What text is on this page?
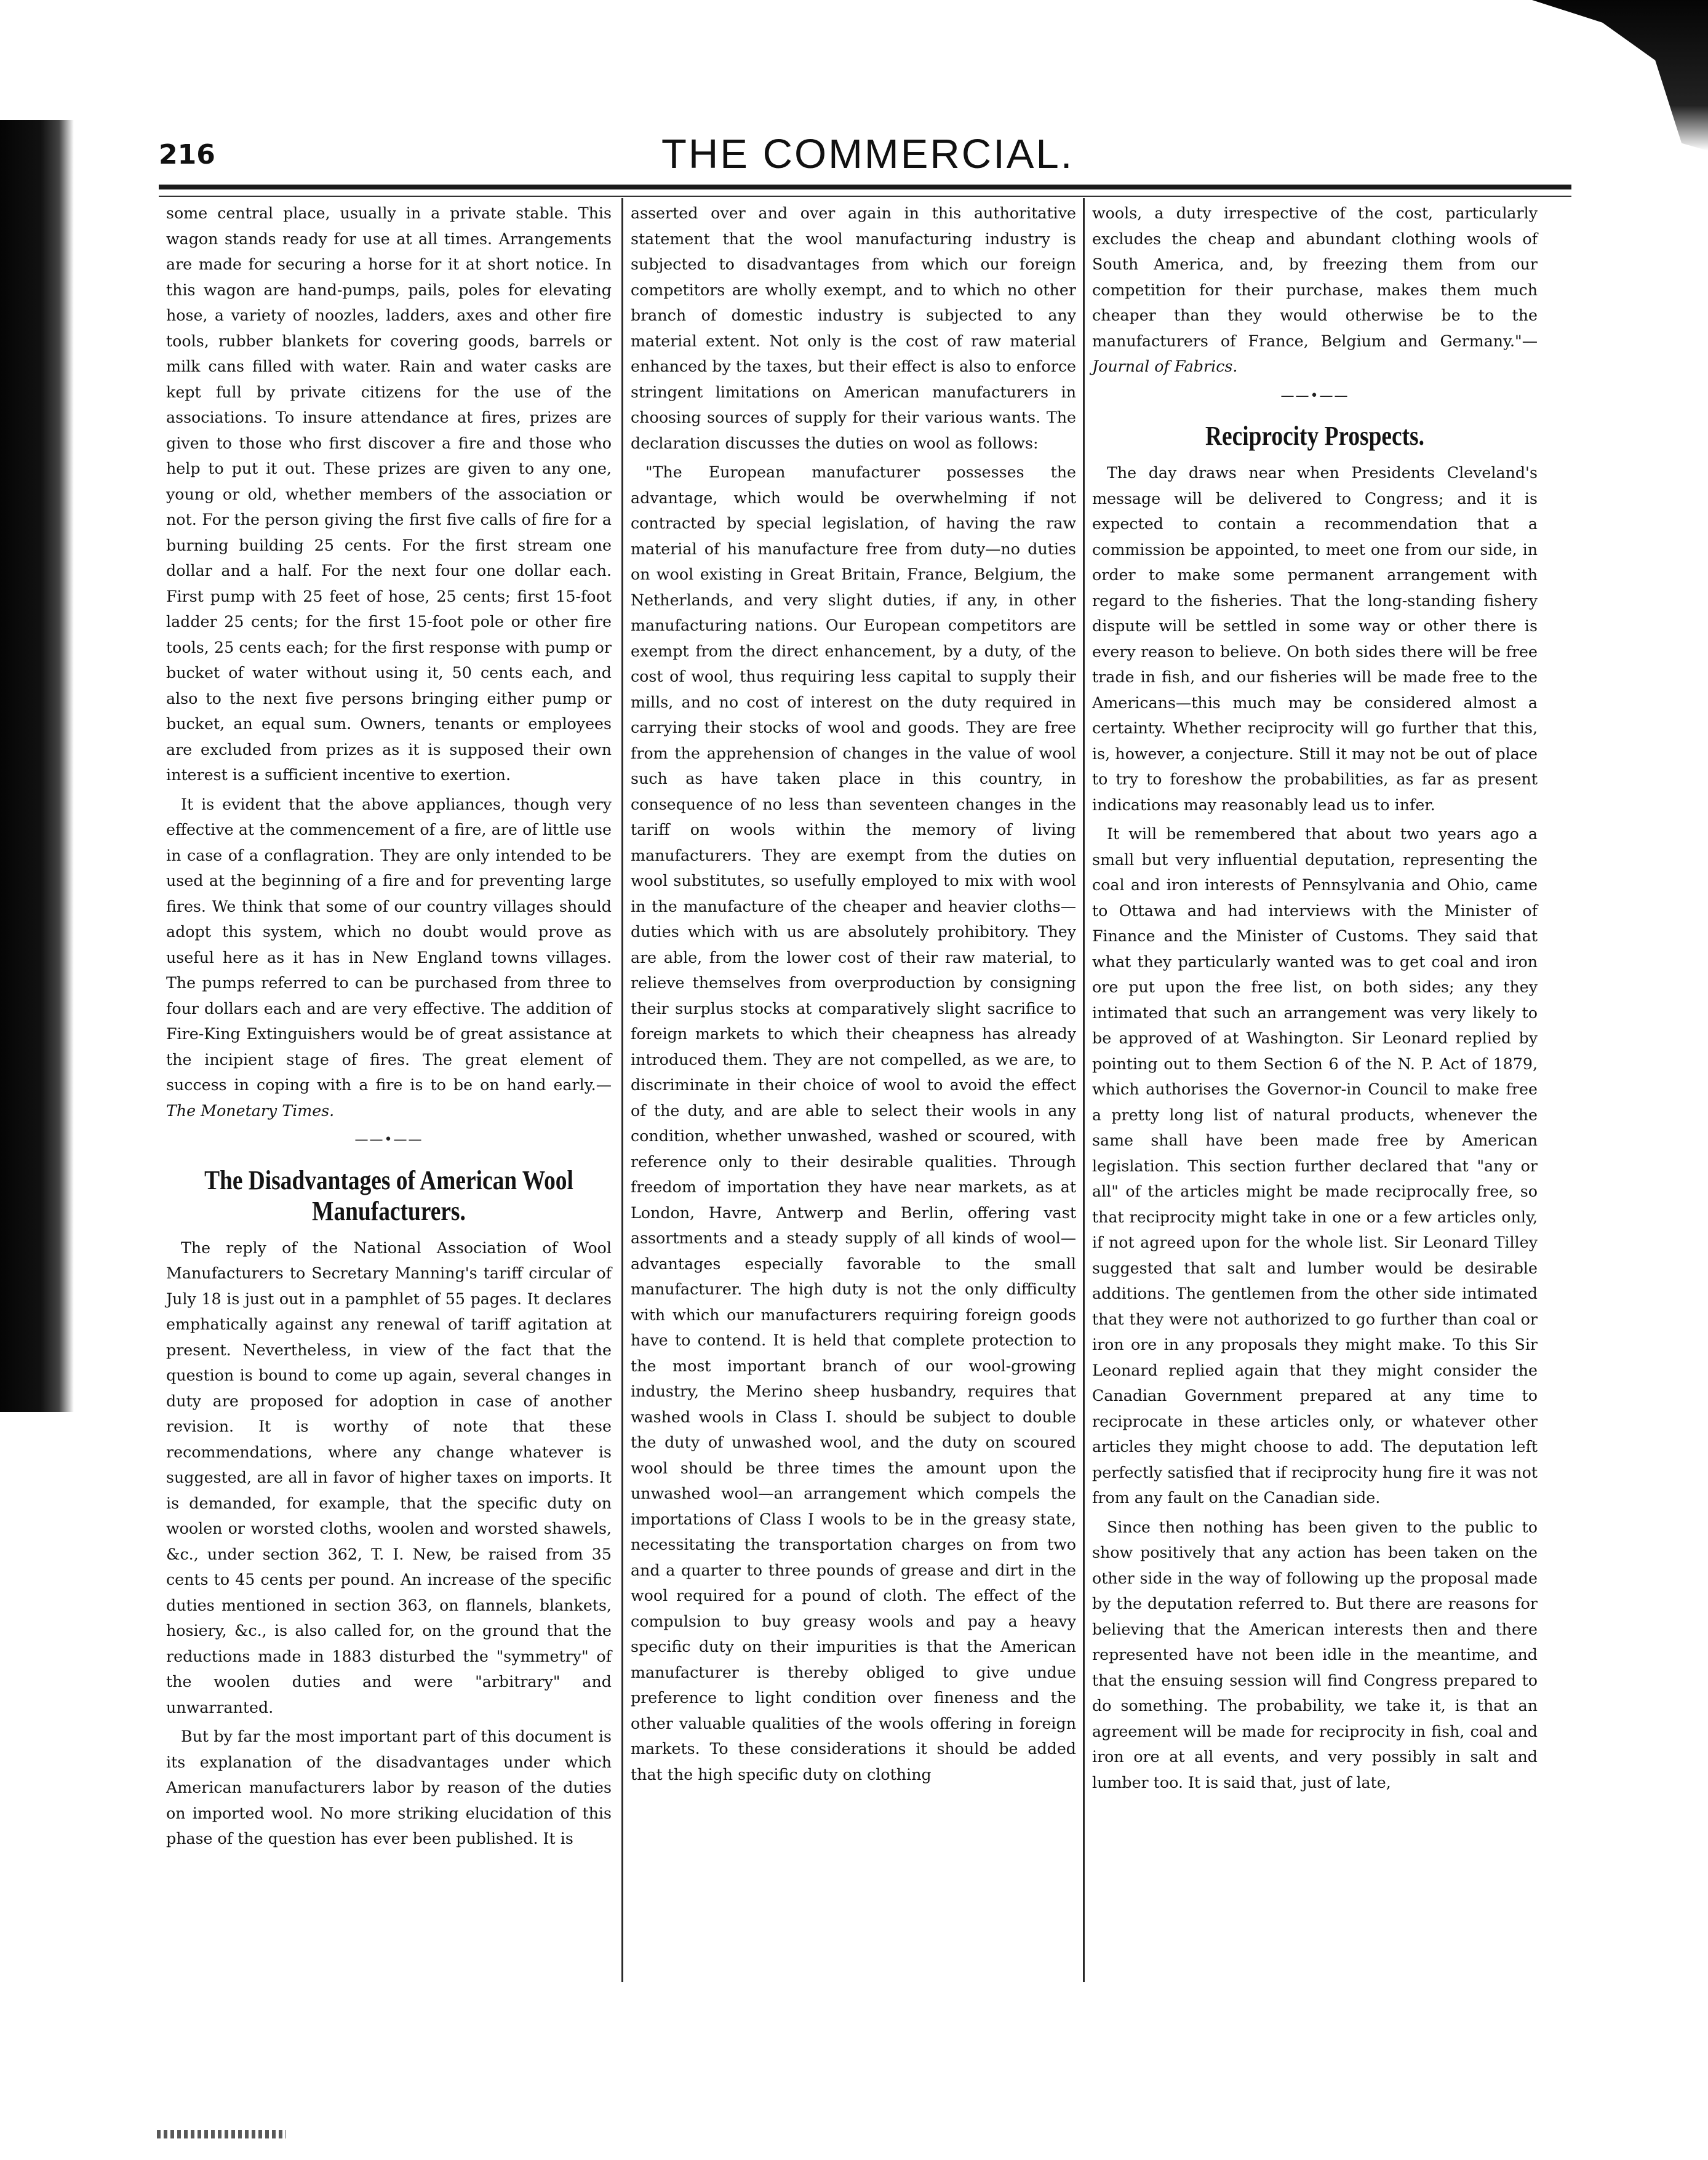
216	THE COMMERCIAL.

some central place, usually in a private stable. This wagon stands ready for use at all times. Arrangements are made for securing a horse for it at short notice. In this wagon are hand-pumps, pails, poles for elevating hose, a variety of noozles, ladders, axes and other fire tools, rubber blankets for covering goods, barrels or milk cans filled with water. Rain and water casks are kept full by private citizens for the use of the associations. To insure attendance at fires, prizes are given to those who first discover a fire and those who help to put it out. These prizes are given to any one, young or old, whether members of the association or not. For the person giving the first five calls of fire for a burning building 25 cents. For the first stream one dollar and a half. For the next four one dollar each. First pump with 25 feet of hose, 25 cents; first 15-foot ladder 25 cents; for the first 15-foot pole or other fire tools, 25 cents each; for the first response with pump or bucket of water without using it, 50 cents each, and also to the next five persons bringing either pump or bucket, an equal sum. Owners, tenants or employees are excluded from prizes as it is supposed their own interest is a sufficient incentive to exertion.

It is evident that the above appliances, though very effective at the commencement of a fire, are of little use in case of a conflagration. They are only intended to be used at the beginning of a fire and for preventing large fires. We think that some of our country villages should adopt this system, which no doubt would prove as useful here as it has in New England towns villages. The pumps referred to can be purchased from three to four dollars each and are very effective. The addition of Fire-King Extinguishers would be of great assistance at the incipient stage of fires. The great element of success in coping with a fire is to be on hand early.—The Monetary Times.

——•——
The Disadvantages of American Wool Manufacturers.

The reply of the National Association of Wool Manufacturers to Secretary Manning's tariff circular of July 18 is just out in a pamphlet of 55 pages. It declares emphatically against any renewal of tariff agitation at present. Nevertheless, in view of the fact that the question is bound to come up again, several changes in duty are proposed for adoption in case of another revision. It is worthy of note that these recommendations, where any change whatever is suggested, are all in favor of higher taxes on imports. It is demanded, for example, that the specific duty on woolen or worsted cloths, woolen and worsted shawels, &c., under section 362, T. I. New, be raised from 35 cents to 45 cents per pound. An increase of the specific duties mentioned in section 363, on flannels, blankets, hosiery, &c., is also called for, on the ground that the reductions made in 1883 disturbed the "symmetry" of the woolen duties and were "arbitrary" and unwarranted.

But by far the most important part of this document is its explanation of the disadvantages under which American manufacturers labor by reason of the duties on imported wool. No more striking elucidation of this phase of the question has ever been published. It is

asserted over and over again in this authoritative statement that the wool manufacturing industry is subjected to disadvantages from which our foreign competitors are wholly exempt, and to which no other branch of domestic industry is subjected to any material extent. Not only is the cost of raw material enhanced by the taxes, but their effect is also to enforce stringent limitations on American manufacturers in choosing sources of supply for their various wants. The declaration discusses the duties on wool as follows:

"The European manufacturer possesses the advantage, which would be overwhelming if not contracted by special legislation, of having the raw material of his manufacture free from duty—no duties on wool existing in Great Britain, France, Belgium, the Netherlands, and very slight duties, if any, in other manufacturing nations. Our European competitors are exempt from the direct enhancement, by a duty, of the cost of wool, thus requiring less capital to supply their mills, and no cost of interest on the duty required in carrying their stocks of wool and goods. They are free from the apprehension of changes in the value of wool such as have taken place in this country, in consequence of no less than seventeen changes in the tariff on wools within the memory of living manufacturers. They are exempt from the duties on wool substitutes, so usefully employed to mix with wool in the manufacture of the cheaper and heavier cloths—duties which with us are absolutely prohibitory. They are able, from the lower cost of their raw material, to relieve themselves from overproduction by consigning their surplus stocks at comparatively slight sacrifice to foreign markets to which their cheapness has already introduced them. They are not compelled, as we are, to discriminate in their choice of wool to avoid the effect of the duty, and are able to select their wools in any condition, whether unwashed, washed or scoured, with reference only to their desirable qualities. Through freedom of importation they have near markets, as at London, Havre, Antwerp and Berlin, offering vast assortments and a steady supply of all kinds of wool—advantages especially favorable to the small manufacturer. The high duty is not the only difficulty with which our manufacturers requiring foreign goods have to contend. It is held that complete protection to the most important branch of our wool-growing industry, the Merino sheep husbandry, requires that washed wools in Class I. should be subject to double the duty of unwashed wool, and the duty on scoured wool should be three times the amount upon the unwashed wool—an arrangement which compels the importations of Class I wools to be in the greasy state, necessitating the transportation charges on from two and a quarter to three pounds of grease and dirt in the wool required for a pound of cloth. The effect of the compulsion to buy greasy wools and pay a heavy specific duty on their impurities is that the American manufacturer is thereby obliged to give undue preference to light condition over fineness and the other valuable qualities of the wools offering in foreign markets. To these considerations it should be added that the high specific duty on clothing

wools, a duty irrespective of the cost, particularly excludes the cheap and abundant clothing wools of South America, and, by freezing them from our competition for their purchase, makes them much cheaper than they would otherwise be to the manufacturers of France, Belgium and Germany."—Journal of Fabrics.

——•——
Reciprocity Prospects.

The day draws near when Presidents Cleveland's message will be delivered to Congress; and it is expected to contain a recommendation that a commission be appointed, to meet one from our side, in order to make some permanent arrangement with regard to the fisheries. That the long-standing fishery dispute will be settled in some way or other there is every reason to believe. On both sides there will be free trade in fish, and our fisheries will be made free to the Americans—this much may be considered almost a certainty. Whether reciprocity will go further that this, is, however, a conjecture. Still it may not be out of place to try to foreshow the probabilities, as far as present indications may reasonably lead us to infer.

It will be remembered that about two years ago a small but very influential deputation, representing the coal and iron interests of Pennsylvania and Ohio, came to Ottawa and had interviews with the Minister of Finance and the Minister of Customs. They said that what they particularly wanted was to get coal and iron ore put upon the free list, on both sides; any they intimated that such an arrangement was very likely to be approved of at Washington. Sir Leonard replied by pointing out to them Section 6 of the N. P. Act of 1879, which authorises the Governor-in Council to make free a pretty long list of natural products, whenever the same shall have been made free by American legislation. This section further declared that "any or all" of the articles might be made reciprocally free, so that reciprocity might take in one or a few articles only, if not agreed upon for the whole list. Sir Leonard Tilley suggested that salt and lumber would be desirable additions. The gentlemen from the other side intimated that they were not authorized to go further than coal or iron ore in any proposals they might make. To this Sir Leonard replied again that they might consider the Canadian Government prepared at any time to reciprocate in these articles only, or whatever other articles they might choose to add. The deputation left perfectly satisfied that if reciprocity hung fire it was not from any fault on the Canadian side.

Since then nothing has been given to the public to show positively that any action has been taken on the other side in the way of following up the proposal made by the deputation referred to. But there are reasons for believing that the American interests then and there represented have not been idle in the meantime, and that the ensuing session will find Congress prepared to do something. The probability, we take it, is that an agreement will be made for reciprocity in fish, coal and iron ore at all events, and very possibly in salt and lumber too. It is said that, just of late,
